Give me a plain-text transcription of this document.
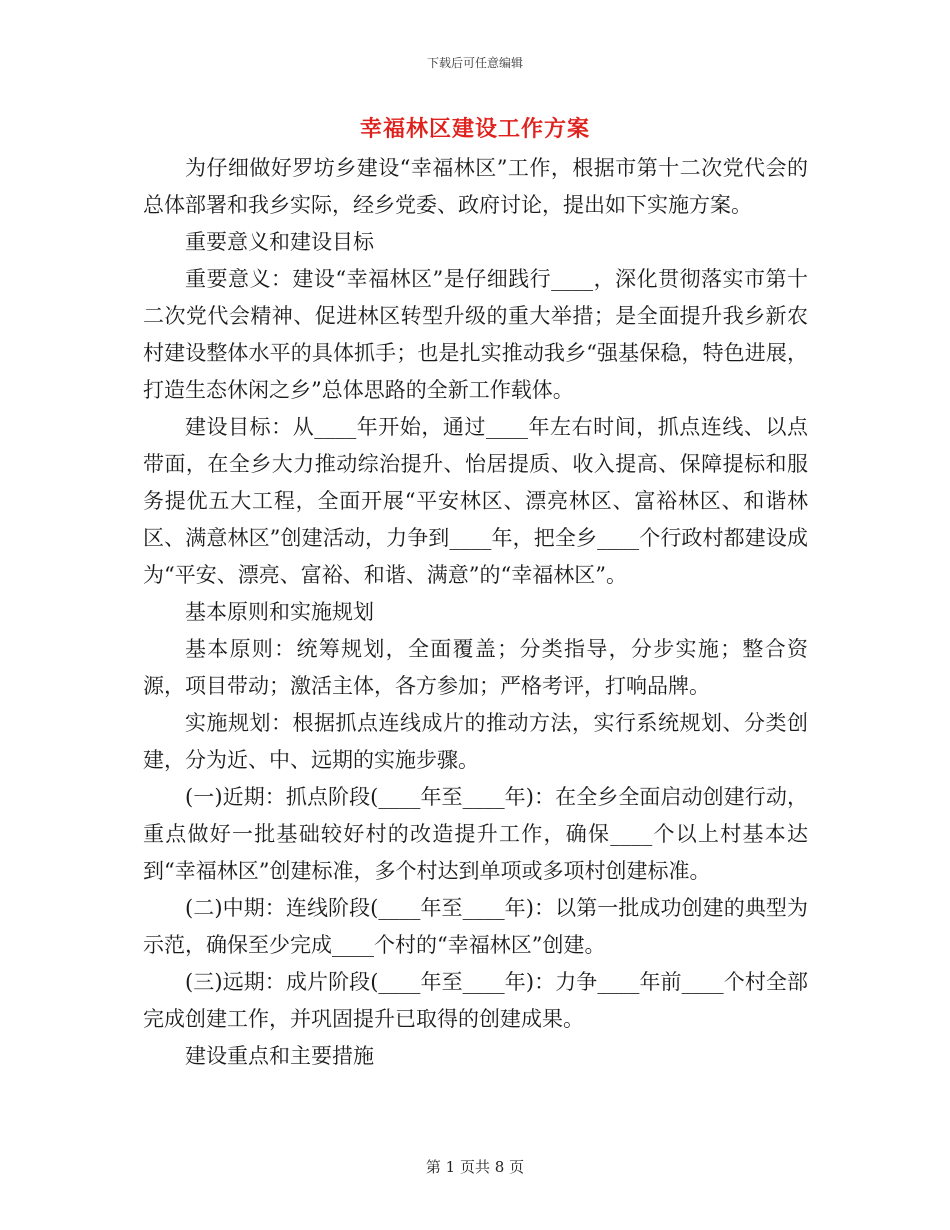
下载后可任意编辑
幸福林区建设工作方案

为仔细做好罗坊乡建设“幸福林区”工作，根据市第十二次党代会的总体部署和我乡实际，经乡党委、政府讨论，提出如下实施方案。

重要意义和建设目标

重要意义：建设“幸福林区”是仔细践行____，深化贯彻落实市第十二次党代会精神、促进林区转型升级的重大举措；是全面提升我乡新农村建设整体水平的具体抓手；也是扎实推动我乡“强基保稳，特色进展，打造生态休闲之乡”总体思路的全新工作载体。

建设目标：从____年开始，通过____年左右时间，抓点连线、以点带面，在全乡大力推动综治提升、怡居提质、收入提高、保障提标和服务提优五大工程，全面开展“平安林区、漂亮林区、富裕林区、和谐林区、满意林区”创建活动，力争到____年，把全乡____个行政村都建设成为“平安、漂亮、富裕、和谐、满意”的“幸福林区”。

基本原则和实施规划

基本原则：统筹规划，全面覆盖；分类指导，分步实施；整合资源，项目带动；激活主体，各方参加；严格考评，打响品牌。

实施规划：根据抓点连线成片的推动方法，实行系统规划、分类创建，分为近、中、远期的实施步骤。

(一)近期：抓点阶段(____年至____年)：在全乡全面启动创建行动，重点做好一批基础较好村的改造提升工作，确保____个以上村基本达到“幸福林区”创建标准，多个村达到单项或多项村创建标准。

(二)中期：连线阶段(____年至____年)：以第一批成功创建的典型为示范，确保至少完成____个村的“幸福林区”创建。

(三)远期：成片阶段(____年至____年)：力争____年前____个村全部完成创建工作，并巩固提升已取得的创建成果。

建设重点和主要措施

第 1 页共 8 页
